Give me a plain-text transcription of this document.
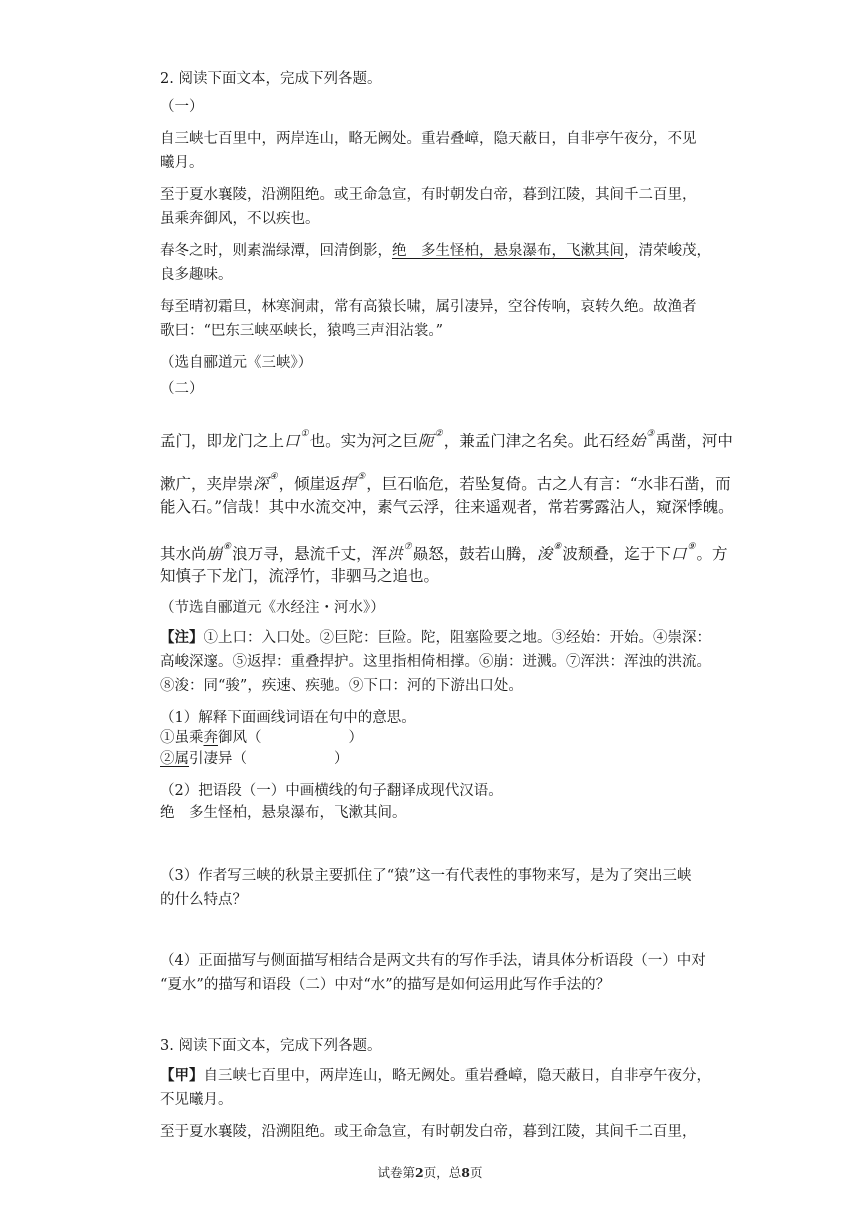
2. 阅读下面文本，完成下列各题。
（一）
自三峡七百里中，两岸连山，略无阙处。重岩叠嶂，隐天蔽日，自非亭午夜分，不见
曦月。
至于夏水襄陵，沿溯阻绝。或王命急宣，有时朝发白帝，暮到江陵，其间千二百里，
虽乘奔御风，不以疾也。
春冬之时，则素湍绿潭，回清倒影，绝　多生怪柏，悬泉瀑布，飞漱其间，清荣峻茂，
良多趣味。
每至晴初霜旦，林寒涧肃，常有高猿长啸，属引凄异，空谷传响，哀转久绝。故渔者
歌曰：“巴东三峡巫峡长，猿鸣三声泪沾裳。”
（选自郦道元《三峡》）
（二）
孟门，即龙门之上口①也。实为河之巨阨②，兼孟门津之名矣。此石经始③禹凿，河中
漱广，夹岸崇深④，倾崖返捍⑤，巨石临危，若坠复倚。古之人有言：“水非石凿，而
能入石。”信哉！其中水流交冲，素气云浮，往来遥观者，常若雾露沾人，窥深悸魄。
其水尚崩⑥浪万寻，悬流千丈，浑洪⑦赑怒，鼓若山腾，浚⑧波颓叠，迄于下口⑨。方
知慎子下龙门，流浮竹，非驷马之追也。
（节选自郦道元《水经注・河水》）
【注】①上口：入口处。②巨陀：巨险。陀，阻塞险要之地。③经始：开始。④崇深：
高峻深邃。⑤返捍：重叠捍护。这里指相倚相撑。⑥崩：迸溅。⑦浑洪：浑浊的洪流。
⑧浚：同“骏”，疾速、疾驰。⑨下口：河的下游出口处。
（1）解释下面画线词语在句中的意思。
①虽乘奔御风（　　　　　　）
②属引凄异（　　　　　　）
（2）把语段（一）中画横线的句子翻译成现代汉语。
绝　多生怪柏，悬泉瀑布，飞漱其间。
（3）作者写三峡的秋景主要抓住了“猿”这一有代表性的事物来写，是为了突出三峡
的什么特点？
（4）正面描写与侧面描写相结合是两文共有的写作手法，请具体分析语段（一）中对
“夏水”的描写和语段（二）中对“水”的描写是如何运用此写作手法的？
3. 阅读下面文本，完成下列各题。
【甲】自三峡七百里中，两岸连山，略无阙处。重岩叠嶂，隐天蔽日，自非亭午夜分，
不见曦月。
至于夏水襄陵，沿溯阻绝。或王命急宣，有时朝发白帝，暮到江陵，其间千二百里，
试卷第2页，总8页
